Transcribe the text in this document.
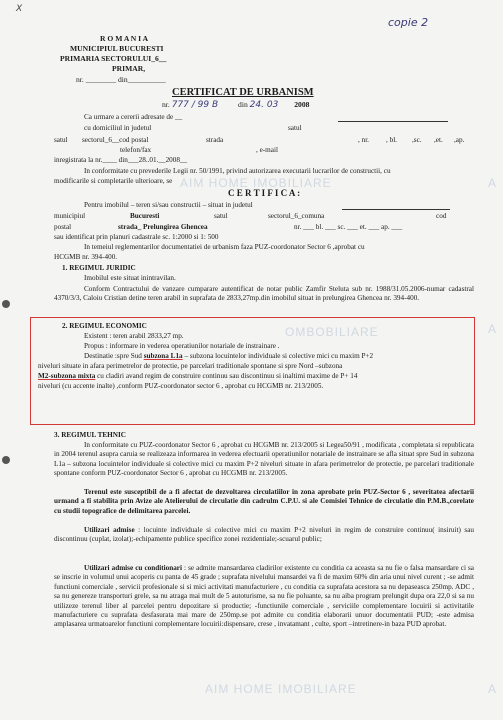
AIM HOME IMOBILIARE
OMBOBILIARE
AIM HOME IMOBILIARE
A
A
A
X
copie 2
R O M A N I A
MUNICIPIUL BUCURESTI
PRIMARIA SECTORULUI_6__
PRIMAR,
nr. ________ din__________
CERTIFICAT DE URBANISM
nr. 777 / 99 B	din 24. 03 2008
Ca urmare a cererii adresate de __
cu domiciliul in judetul	satul
satul sectorul_6__cod postal	strada	, nr. , bl. ,sc. ,et. ,ap.
telefon/fax	, e-mail
inregistrata la nr.____ din___28..01.__2008__
In conformitate cu prevederile Legii nr. 50/1991, privind autorizarea executarii lucrarilor de constructii, cu
modificarile si completarile ulterioare, se
C E R T I F I C A :
Pentru imobilul – teren si/sau constructii – situat in judetul
municipiul	Bucuresti	satul	sectorul_6_comuna	cod
postal	strada_ Prelungirea Ghencea	nr. ___ bl. ___ sc. ___ et. ___ ap. ___
sau identificat prin planuri cadastrale sc. 1:2000 si 1: 500
In temeiul reglementarilor documentatiei de urbanism faza PUZ-coordonator Sector 6 ,aprobat cu
HCGMB nr. 394-400.
1. REGIMUL JURIDIC
Imobilul este situat inintravilan.
Conform Contractului de vanzare cumparare autentificat de notar public Zamfir Steluta sub nr. 1988/31.05.2006-numar cadastral 4370/3/3, Caloiu Cristian detine teren arabil in suprafata de 2833,27mp.din imobilul situat in prelungirea Ghencea nr. 394-400.
2. REGIMUL ECONOMIC
Existent : teren arabil 2833,27 mp.
Propus : informare in vederea operatiunilor notariale de instrainare .
Destinatie :spre Sud subzona L1a – subzona locuintelor individuale si colective mici cu maxim P+2
niveluri situate in afara perimetrelor de protectie, pe parcelari traditionale spontane si spre Nord –subzona
M2-subzona mixta cu cladiri avand regim de construire continuu sau discontinuu si inaltimi maxime de P+ 14
niveluri (cu accente inalte) ,conform PUZ-coordonator sector 6 , aprobat cu HCGMB nr. 213/2005.
3. REGIMUL TEHNIC
In conformitate cu PUZ-coordonator Sector 6 , aprobat cu HCGMB nr. 213/2005 si Legea50/91 , modificata , completata si republicata in 2004 terenul asupra caruia se realizeaza informarea in vederea efectuarii operatiunilor notariale de instrainare se afla situat spre Sud in subzona L1a – subzona locuintelor individuale si colective mici cu maxim P+2 niveluri situate in afara perimetrelor de protectie, pe parcelari traditionale spontane conform PUZ-coordonator Sector 6 , aprobat cu HCGMB nr. 213/2005.
Terenul este susceptibil de a fi afectat de dezvoltarea circulatiilor in zona aprobate prin PUZ-Sector 6 , severitatea afectarii urmand a fi stabilita prin Avize ale Atelierului de circulatie din cadrulm C.P.U. si ale Comisiei Tehnice de circulatie din P.M.B.,corelate cu studii topografice de delimitarea parcelei.
Utilizari admise : locuinte individuale si colective mici cu maxim P+2 niveluri in regim de construire continuu( insiruit) sau discontinuu (cuplat, izolat);-echipamente publice specifice zonei rezidentiale;-scuarul public;
Utilizari admise cu conditionari : se admite mansardarea cladirilor existente cu conditia ca aceasta sa nu fie o falsa mansardare ci sa se inscrie in volumul unui acoperis cu panta de 45 grade ; suprafata nivelului mansardei va fi de maxim 60% din aria unui nivel curent ; -se admit functiuni comerciale , servicii profesionale si si mici activitati manufacturiere , cu conditia ca suprafata acestora sa nu depaseasca 250mp. ADC , sa nu genereze transporturi grele, sa nu atraga mai mult de 5 autoturisme, sa nu fie poluante, sa nu aiba program prelungit dupa ora 22,0 si sa nu utilizeze terenul liber al parcelei pentru depozitare si productie; -functiunile comerciale , serviciile complementare locuirii si activitatile manufacturiere cu suprafata desfasurata mai mare de 250mp.se pot admite cu conditia elaborarii unuor documentatii PUD; -este admisa amplasarea urmatoarelor functiuni complementare locuirii:dispensare, crese , invatamant , culte, sport –intretinere-in baza PUD aprobat.
